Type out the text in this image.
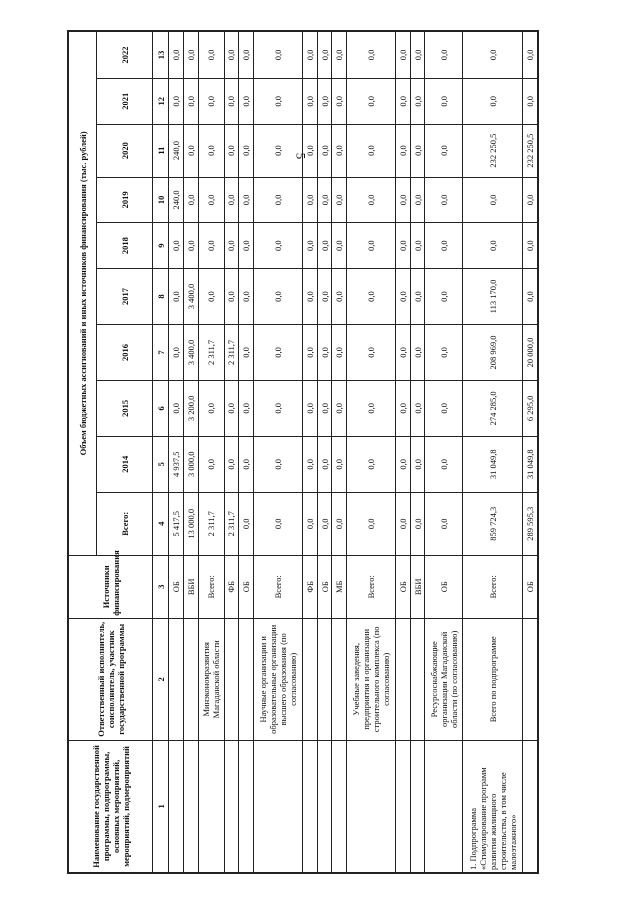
5
Наименование государственной программы, подпрограммы, основных мероприятий, мероприятий, подмероприятий	Ответственный исполнитель, соисполнитель, участник государственной программы	Источники финансирования	Объем бюджетных ассигнований и иных источников финансирования (тыс. рублей)									
			Всего:	2014	2015	2016	2017	2018	2019	2020	2021	2022
1	2	3	4	5	6	7	8	9	10	11	12	13
		ОБ	5 417,5	4 937,5	0,0	0,0	0,0	0,0	240,0	240,0	0,0	0,0
		ВБИ	13 000,0	3 000,0	3 200,0	3 400,0	3 400,0	0,0	0,0	0,0	0,0	0,0
	Минэкономразвития Магаданской области	Всего:	2 311,7	0,0	0,0	2 311,7	0,0	0,0	0,0	0,0	0,0	0,0
		ФБ	2 311,7	0,0	0,0	2 311,7	0,0	0,0	0,0	0,0	0,0	0,0
		ОБ	0,0	0,0	0,0	0,0	0,0	0,0	0,0	0,0	0,0	0,0
	Научные организации и образовательные организации высшего образования (по согласованию)	Всего:	0,0	0,0	0,0	0,0	0,0	0,0	0,0	0,0	0,0	0,0
		ФБ	0,0	0,0	0,0	0,0	0,0	0,0	0,0	0,0	0,0	0,0
		ОБ	0,0	0,0	0,0	0,0	0,0	0,0	0,0	0,0	0,0	0,0
		МБ	0,0	0,0	0,0	0,0	0,0	0,0	0,0	0,0	0,0	0,0
	Учебные заведения, предприятия и организации строительного комплекса (по согласованию)	Всего:	0,0	0,0	0,0	0,0	0,0	0,0	0,0	0,0	0,0	0,0
		ОБ	0,0	0,0	0,0	0,0	0,0	0,0	0,0	0,0	0,0	0,0
		ВБИ	0,0	0,0	0,0	0,0	0,0	0,0	0,0	0,0	0,0	0,0
	Ресурсоснабжающие организации Магаданской области (по согласованию)	ОБ	0,0	0,0	0,0	0,0	0,0	0,0	0,0	0,0	0,0	0,0
1. Подпрограмма «Стимулирование программ развития жилищного строительства, в том числе малоэтажного»	Всего по подпрограмме	Всего:	859 724,3	31 049,8	274 285,0	208 969,0	113 170,0	0,0	0,0	232 250,5	0,0	0,0
		ОБ	289 595,3	31 049,8	6 295,0	20 000,0	0,0	0,0	0,0	232 250,5	0,0	0,0
